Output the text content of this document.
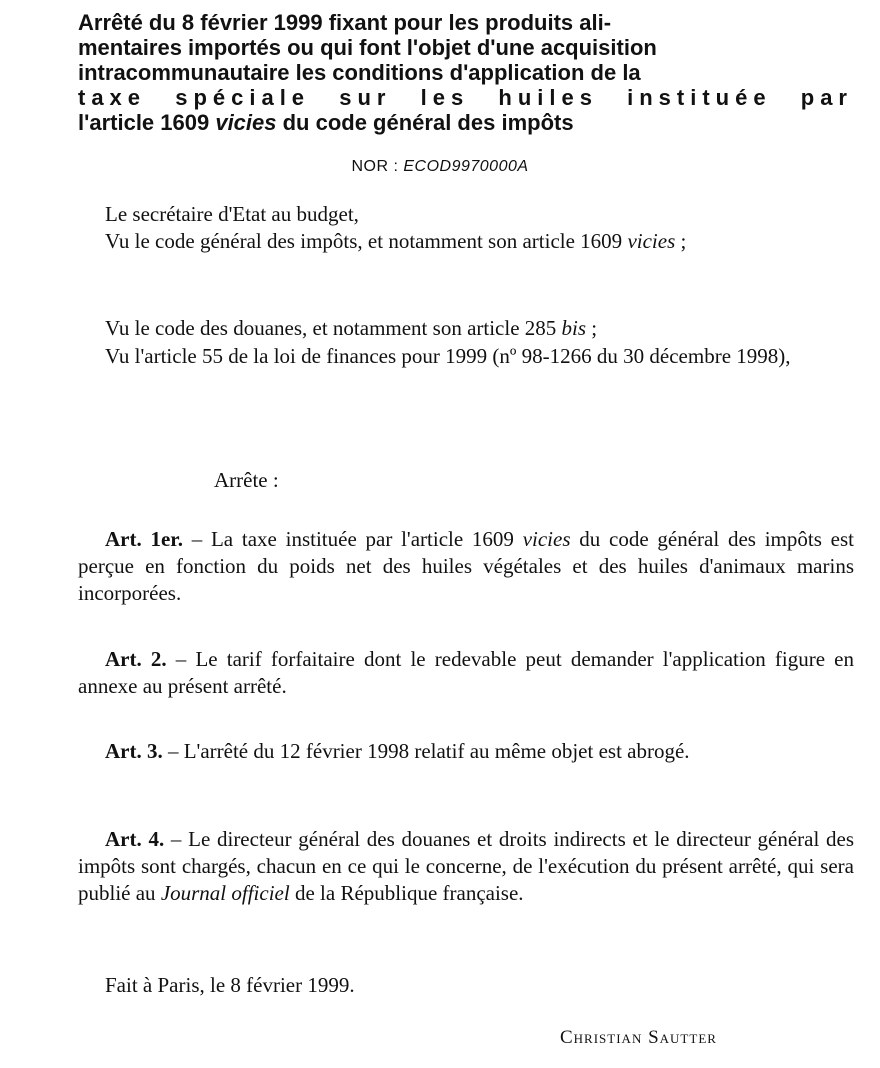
Arrêté du 8 février 1999 fixant pour les produits ali-
mentaires importés ou qui font l'objet d'une acquisition
intracommunautaire les conditions d'application de la
taxe spéciale sur les huiles instituée par
l'article 1609 vicies du code général des impôts
NOR : ECOD9970000A

Le secrétaire d'Etat au budget,

Vu le code général des impôts, et notamment son article 1609 vicies ;

Vu le code des douanes, et notamment son article 285 bis ;

Vu l'article 55 de la loi de finances pour 1999 (nº 98-1266 du 30 décembre 1998),

Arrête :

Art. 1er. – La taxe instituée par l'article 1609 vicies du code général des impôts est perçue en fonction du poids net des huiles végétales et des huiles d'animaux marins incorporées.

Art. 2. – Le tarif forfaitaire dont le redevable peut demander l'application figure en annexe au présent arrêté.

Art. 3. – L'arrêté du 12 février 1998 relatif au même objet est abrogé.

Art. 4. – Le directeur général des douanes et droits indirects et le directeur général des impôts sont chargés, chacun en ce qui le concerne, de l'exécution du présent arrêté, qui sera publié au Journal officiel de la République française.

Fait à Paris, le 8 février 1999.

Christian Sautter
